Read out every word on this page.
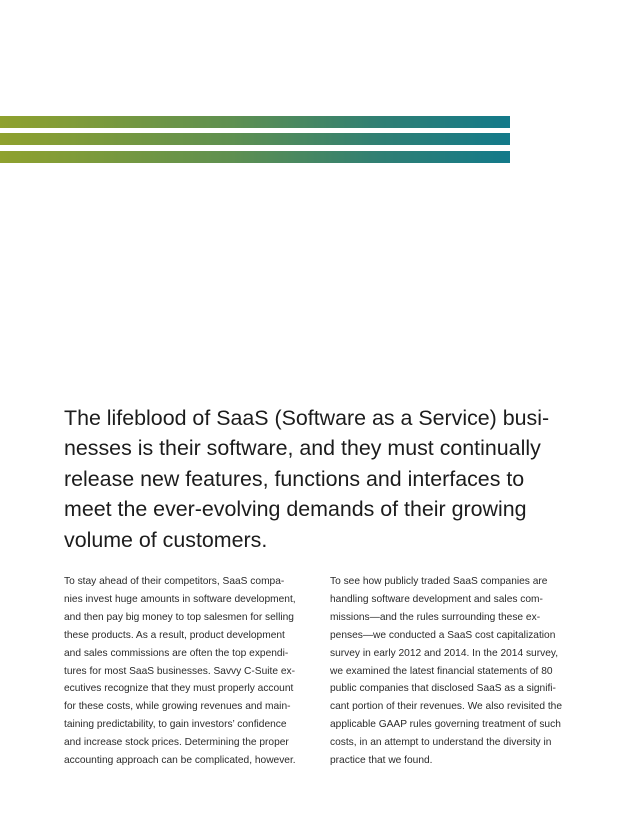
The lifeblood of SaaS (Software as a Service) busi-
nesses is their software, and they must continually
release new features, functions and interfaces to
meet the ever-evolving demands of their growing
volume of customers.
To stay ahead of their competitors, SaaS compa-
nies invest huge amounts in software development,
and then pay big money to top salesmen for selling
these products. As a result, product development
and sales commissions are often the top expendi-
tures for most SaaS businesses. Savvy C-Suite ex-
ecutives recognize that they must properly account
for these costs, while growing revenues and main-
taining predictability, to gain investors’ confidence
and increase stock prices. Determining the proper
accounting approach can be complicated, however.
To see how publicly traded SaaS companies are
handling software development and sales com-
missions—and the rules surrounding these ex-
penses—we conducted a SaaS cost capitalization
survey in early 2012 and 2014. In the 2014 survey,
we examined the latest financial statements of 80
public companies that disclosed SaaS as a signifi-
cant portion of their revenues. We also revisited the
applicable GAAP rules governing treatment of such
costs, in an attempt to understand the diversity in
practice that we found.
